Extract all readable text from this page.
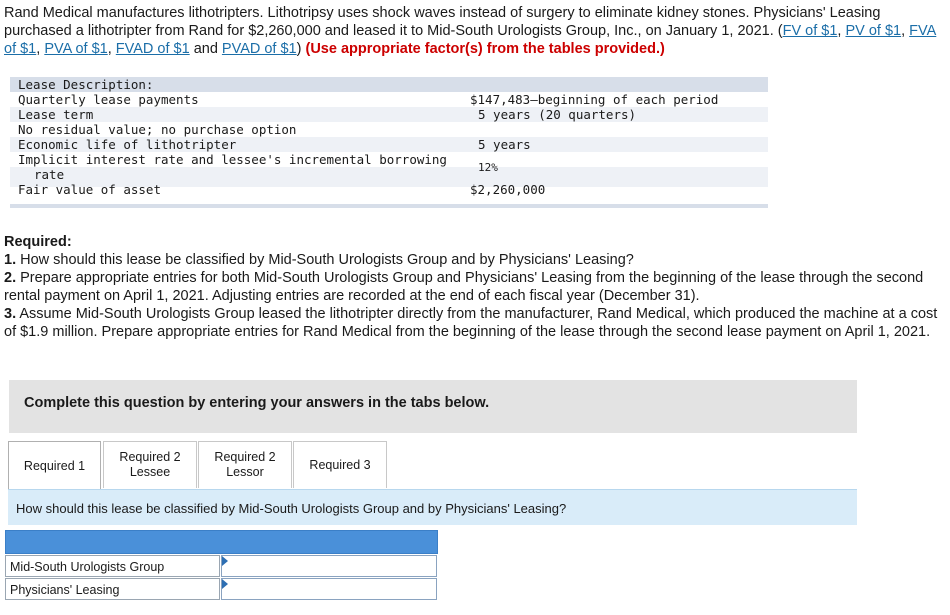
Rand Medical manufactures lithotripters. Lithotripsy uses shock waves instead of surgery to eliminate kidney stones. Physicians' Leasing purchased a lithotripter from Rand for $2,260,000 and leased it to Mid-South Urologists Group, Inc., on January 1, 2021. (FV of $1, PV of $1, FVA of $1, PVA of $1, FVAD of $1 and PVAD of $1) (Use appropriate factor(s) from the tables provided.)
Lease Description:
Quarterly lease payments	$147,483–beginning of each period
Lease term	5 years (20 quarters)
No residual value; no purchase option
Economic life of lithotripter	5 years
Implicit interest rate and lessee's incremental borrowing
rate	12%
Fair value of asset	$2,260,000

Required:

1. How should this lease be classified by Mid-South Urologists Group and by Physicians' Leasing?

2. Prepare appropriate entries for both Mid-South Urologists Group and Physicians' Leasing from the beginning of the lease through the second rental payment on April 1, 2021. Adjusting entries are recorded at the end of each fiscal year (December 31).

3. Assume Mid-South Urologists Group leased the lithotripter directly from the manufacturer, Rand Medical, which produced the machine at a cost of $1.9 million. Prepare appropriate entries for Rand Medical from the beginning of the lease through the second lease payment on April 1, 2021.

Complete this question by entering your answers in the tabs below.
Required 1
Required 2
Lessee
Required 2
Lessor
Required 3
How should this lease be classified by Mid-South Urologists Group and by Physicians' Leasing?
Mid-South Urologists Group
Physicians' Leasing
